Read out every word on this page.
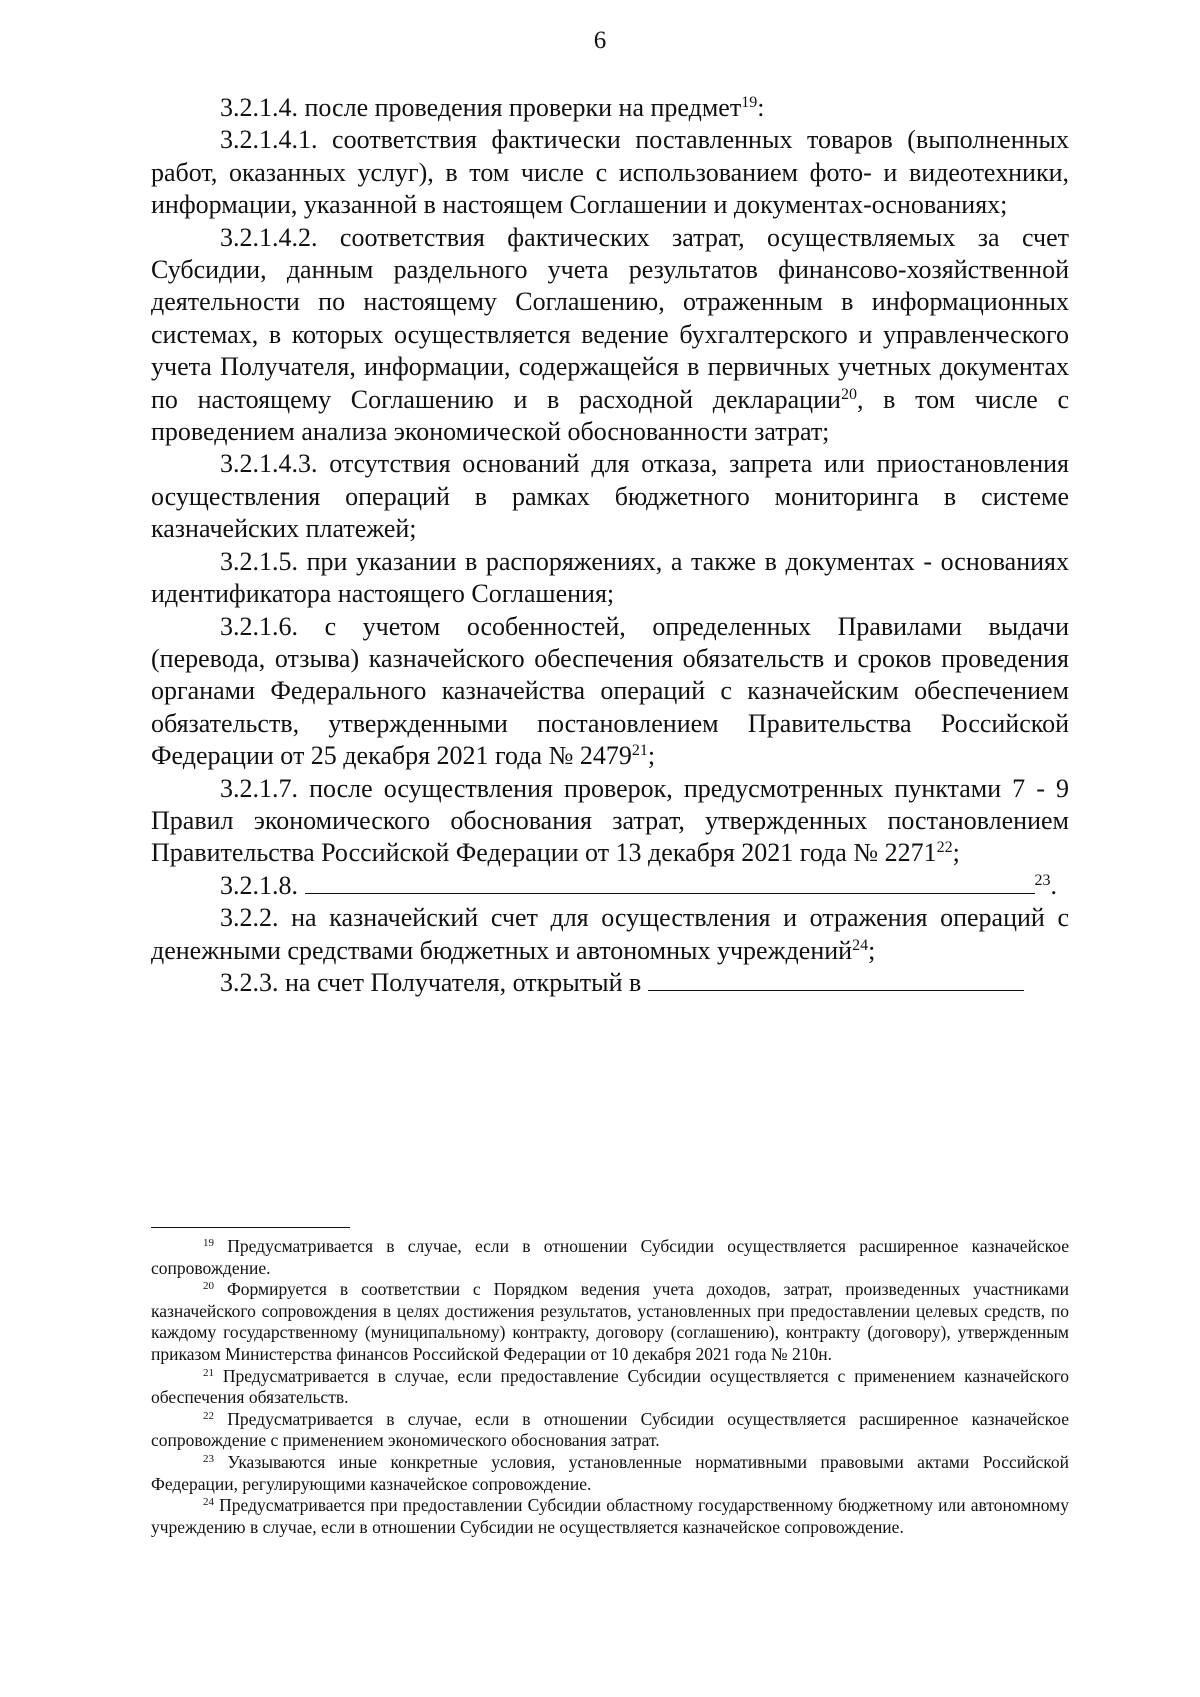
6

3.2.1.4. после проведения проверки на предмет$^{19}$:

3.2.1.4.1. соответствия фактически поставленных товаров (выполненных работ, оказанных услуг), в том числе с использованием фото- и видеотехники, информации, указанной в настоящем Соглашении и документах-основаниях;

3.2.1.4.2. соответствия фактических затрат, осуществляемых за счет Субсидии, данным раздельного учета результатов финансово-хозяйственной деятельности по настоящему Соглашению, отраженным в информационных системах, в которых осуществляется ведение бухгалтерского и управленческого учета Получателя, информации, содержащейся в первичных учетных документах по настоящему Соглашению и в расходной декларации$^{20}$, в том числе с проведением анализа экономической обоснованности затрат;

3.2.1.4.3. отсутствия оснований для отказа, запрета или приостановления осуществления операций в рамках бюджетного мониторинга в системе казначейских платежей;

3.2.1.5. при указании в распоряжениях, а также в документах - основаниях идентификатора настоящего Соглашения;

3.2.1.6. с учетом особенностей, определенных Правилами выдачи (перевода, отзыва) казначейского обеспечения обязательств и сроков проведения органами Федерального казначейства операций с казначейским обеспечением обязательств, утвержденными постановлением Правительства Российской Федерации от 25 декабря 2021 года № 2479$^{21}$;

3.2.1.7. после осуществления проверок, предусмотренных пунктами 7 - 9 Правил экономического обоснования затрат, утвержденных постановлением Правительства Российской Федерации от 13 декабря 2021 года № 2271$^{22}$;

3.2.1.8.	$^{23}$.

3.2.2. на казначейский счет для осуществления и отражения операций с денежными средствами бюджетных и автономных учреждений$^{24}$;

3.2.3. на счет Получателя, открытый в

$^{19}$ Предусматривается в случае, если в отношении Субсидии осуществляется расширенное казначейское сопровождение.

$^{20}$ Формируется в соответствии с Порядком ведения учета доходов, затрат, произведенных участниками казначейского сопровождения в целях достижения результатов, установленных при предоставлении целевых средств, по каждому государственному (муниципальному) контракту, договору (соглашению), контракту (договору), утвержденным приказом Министерства финансов Российской Федерации от 10 декабря 2021 года № 210н.

$^{21}$ Предусматривается в случае, если предоставление Субсидии осуществляется с применением казначейского обеспечения обязательств.

$^{22}$ Предусматривается в случае, если в отношении Субсидии осуществляется расширенное казначейское сопровождение с применением экономического обоснования затрат.

$^{23}$ Указываются иные конкретные условия, установленные нормативными правовыми актами Российской Федерации, регулирующими казначейское сопровождение.

$^{24}$ Предусматривается при предоставлении Субсидии областному государственному бюджетному или автономному учреждению в случае, если в отношении Субсидии не осуществляется казначейское сопровождение.
